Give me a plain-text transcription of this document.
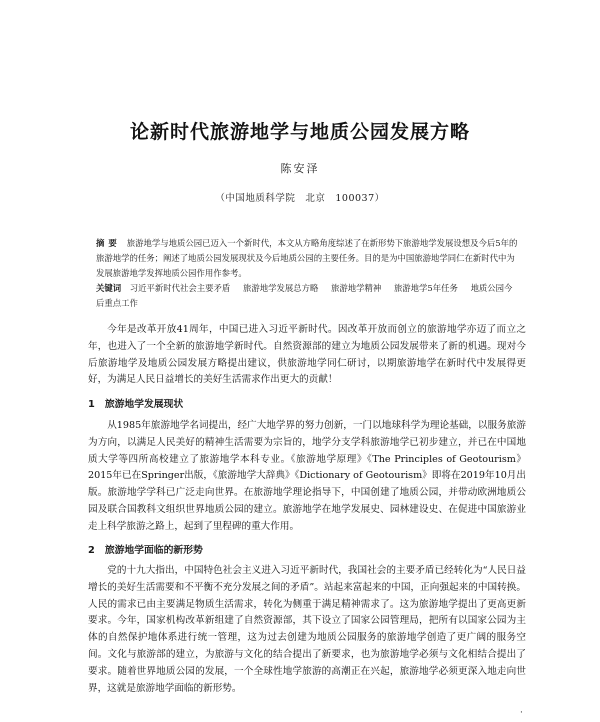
论新时代旅游地学与地质公园发展方略
陈安泽
（中国地质科学院　北京　100037）
摘要 旅游地学与地质公园已迈入一个新时代，本文从方略角度综述了在新形势下旅游地学发展设想及今后5年的旅游地学的任务；阐述了地质公园发展现状及今后地质公园的主要任务。目的是为中国旅游地学同仁在新时代中为发展旅游地学发挥地质公园作用作参考。
关键词 习近平新时代社会主要矛盾 旅游地学发展总方略 旅游地学精神 旅游地学5年任务 地质公园今后重点工作

今年是改革开放41周年，中国已进入习近平新时代。因改革开放而创立的旅游地学亦迈了而立之年，也进入了一个全新的旅游地学新时代。自然资源部的建立为地质公园发展带来了新的机遇。现对今后旅游地学及地质公园发展方略提出建议，供旅游地学同仁研讨，以期旅游地学在新时代中发展得更好，为满足人民日益增长的美好生活需求作出更大的贡献！

1 旅游地学发展现状

从1985年旅游地学名词提出，经广大地学界的努力创新，一门以地球科学为理论基础，以服务旅游为方向，以满足人民美好的精神生活需要为宗旨的，地学分支学科旅游地学已初步建立，并已在中国地质大学等四所高校建立了旅游地学本科专业。《旅游地学原理》《The Principles of Geotourism》2015年已在Springer出版，《旅游地学大辞典》《Dictionary of Geotourism》即将在2019年10月出版。旅游地学学科已广泛走向世界。在旅游地学理论指导下，中国创建了地质公园，并带动欧洲地质公园及联合国教科文组织世界地质公园的建立。旅游地学在地学发展史、园林建设史、在促进中国旅游业走上科学旅游之路上，起到了里程碑的重大作用。

2 旅游地学面临的新形势

党的十九大指出，中国特色社会主义进入习近平新时代，我国社会的主要矛盾已经转化为“人民日益增长的美好生活需要和不平衡不充分发展之间的矛盾”。站起来富起来的中国，正向强起来的中国转换。人民的需求已由主要满足物质生活需求，转化为侧重于满足精神需求了。这为旅游地学提出了更高更新要求。今年，国家机构改革新组建了自然资源部，其下设立了国家公园管理局，把所有以国家公园为主体的自然保护地体系进行统一管理，这为过去创建为地质公园服务的旅游地学创造了更广阔的服务空间。文化与旅游部的建立，为旅游与文化的结合提出了新要求，也为旅游地学必须与文化相结合提出了要求。随着世界地质公园的发展，一个全球性地学旅游的高潮正在兴起，旅游地学必须更深入地走向世界，这就是旅游地学面临的新形势。

·
